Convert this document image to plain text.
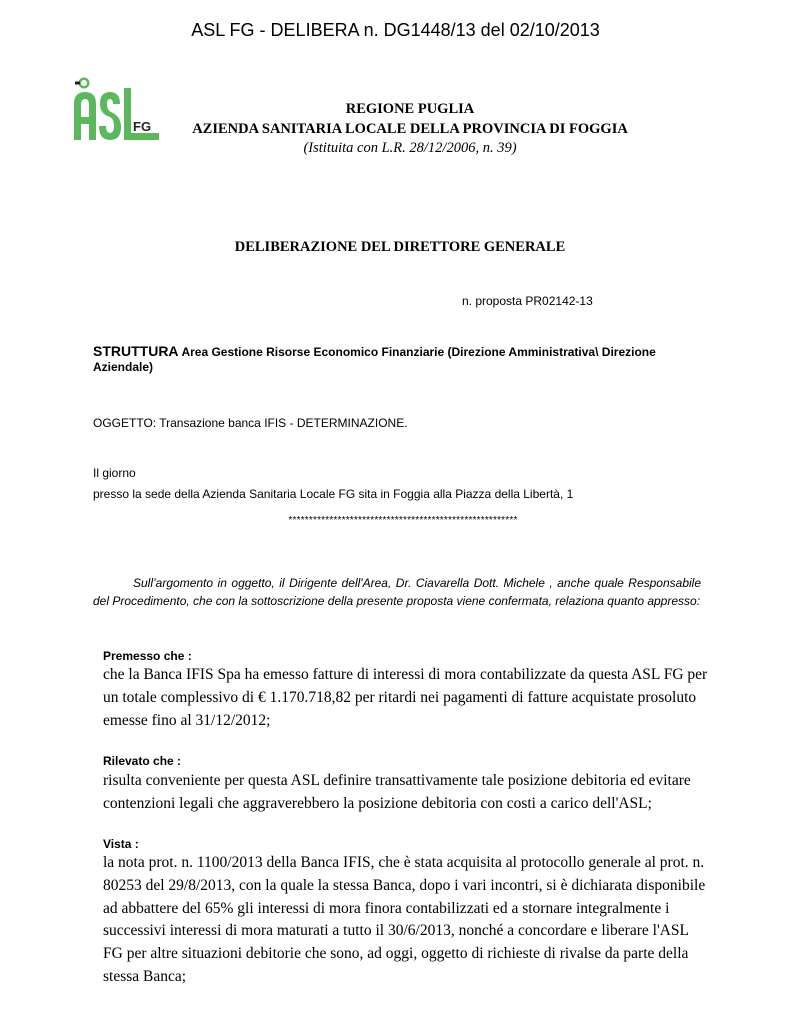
ASL FG - DELIBERA n. DG1448/13 del 02/10/2013
FG
REGIONE PUGLIA
AZIENDA SANITARIA LOCALE DELLA PROVINCIA DI FOGGIA
(Istituita con L.R. 28/12/2006, n. 39)
DELIBERAZIONE DEL DIRETTORE GENERALE
n. proposta PR02142-13
STRUTTURA Area Gestione Risorse Economico Finanziarie (Direzione Amministrativa\ Direzione Aziendale)
OGGETTO: Transazione banca IFIS - DETERMINAZIONE.
Il giorno
presso la sede della Azienda Sanitaria Locale FG sita in Foggia alla Piazza della Libertà, 1
********************************************************
Sull’argomento in oggetto, il Dirigente dell'Area, Dr. Ciavarella Dott. Michele , anche quale Responsabile del Procedimento, che con la sottoscrizione della presente proposta viene confermata, relaziona quanto appresso:
Premesso che :
che la Banca IFIS Spa ha emesso fatture di interessi di mora contabilizzate da questa ASL FG per un totale complessivo di € 1.170.718,82 per ritardi nei pagamenti di fatture acquistate prosoluto emesse fino al 31/12/2012;
Rilevato che :
risulta conveniente per questa ASL definire transattivamente tale posizione debitoria ed evitare contenzioni legali che aggraverebbero la posizione debitoria con costi a carico dell'ASL;
Vista :
la nota prot. n. 1100/2013 della Banca IFIS, che è stata acquisita al protocollo generale al prot. n. 80253 del 29/8/2013, con la quale la stessa Banca, dopo i vari incontri, si è dichiarata disponibile ad abbattere del 65% gli interessi di mora finora contabilizzati ed a stornare integralmente i successivi interessi di mora maturati a tutto il 30/6/2013, nonché a concordare e liberare l'ASL FG per altre situazioni debitorie che sono, ad oggi, oggetto di richieste di rivalse da parte della stessa Banca;
